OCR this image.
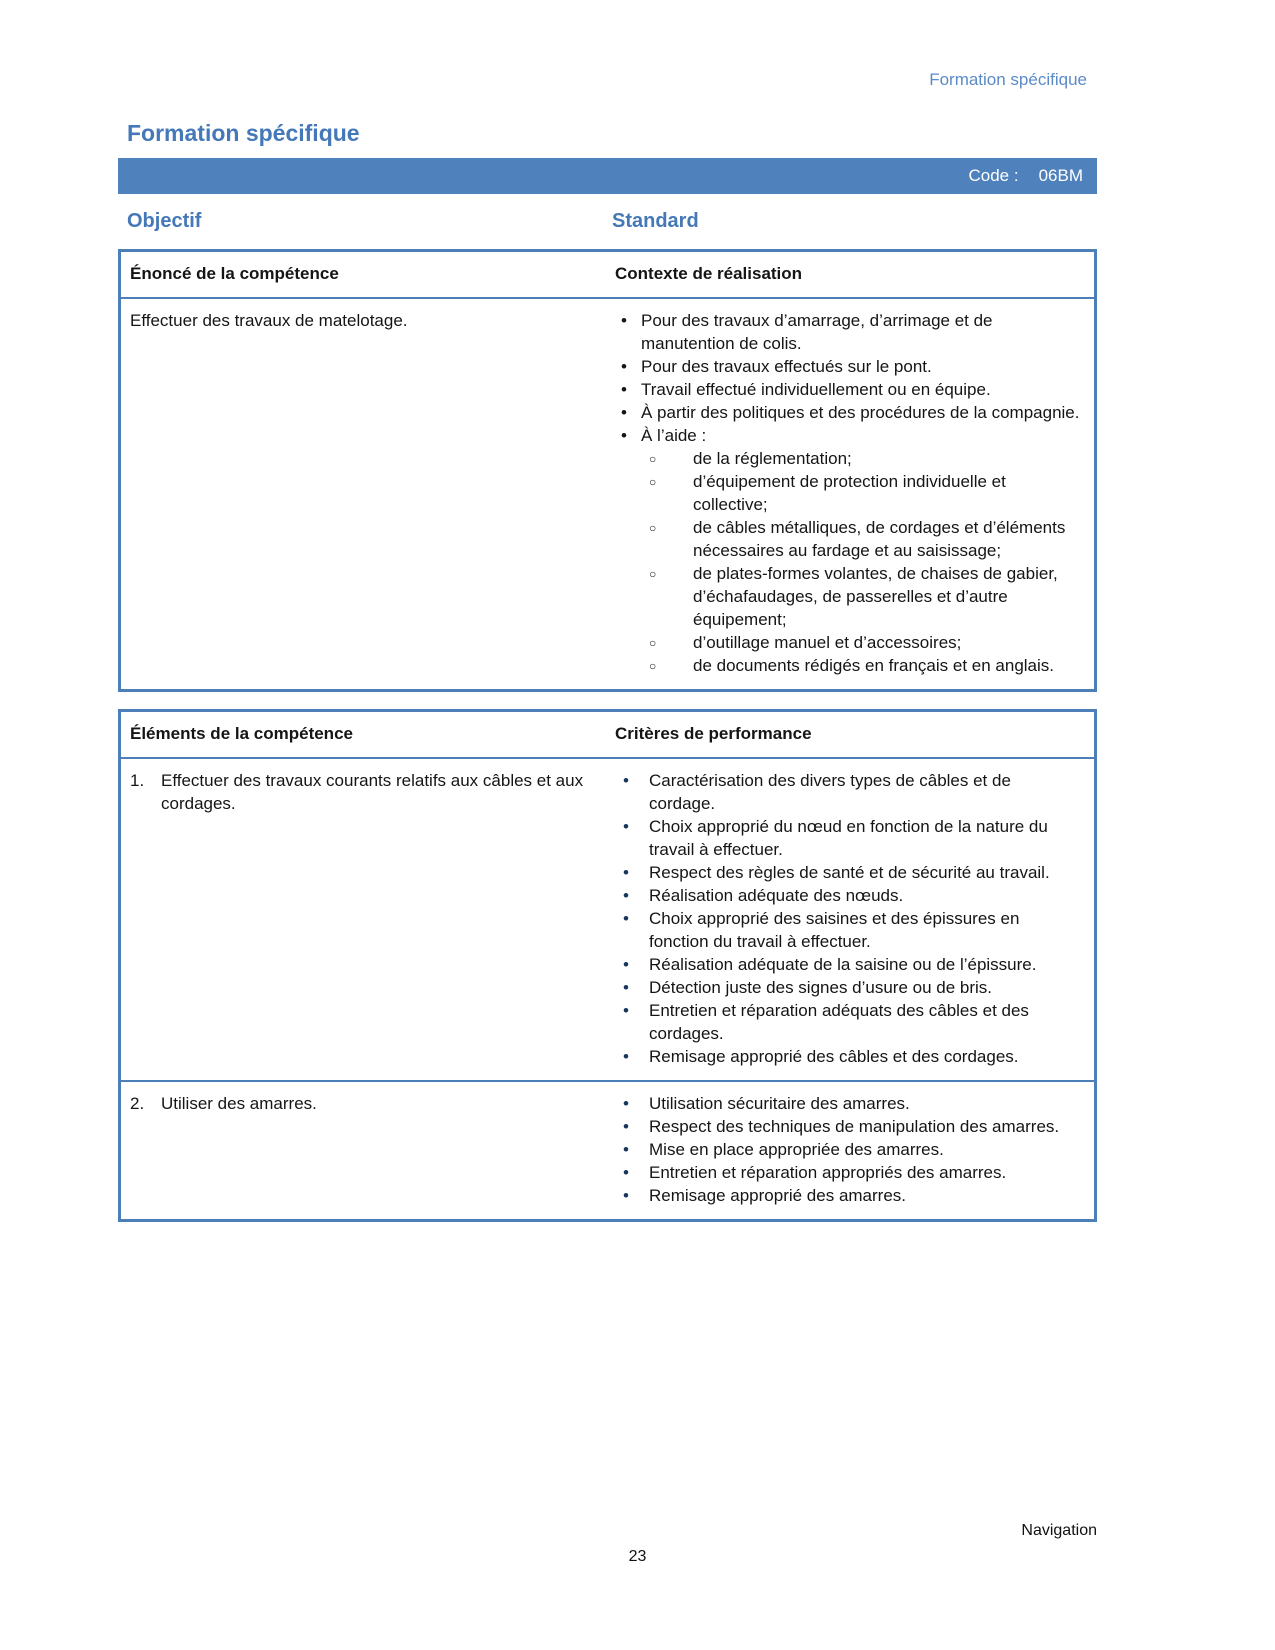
Formation spécifique
Formation spécifique
Code : 06BM
Objectif	Standard
Énoncé de la compétence	Contexte de réalisation
Effectuer des travaux de matelotage.	• Pour des travaux d’amarrage, d’arrimage et de manutention de colis.
• Pour des travaux effectués sur le pont.
• Travail effectué individuellement ou en équipe.
• À partir des politiques et des procédures de la compagnie.
• À l’aide :
○ de la réglementation;
○ d’équipement de protection individuelle et collective;
○ de câbles métalliques, de cordages et d’éléments nécessaires au fardage et au saisissage;
○ de plates-formes volantes, de chaises de gabier, d’échafaudages, de passerelles et d’autre équipement;
○ d’outillage manuel et d’accessoires;
○ de documents rédigés en français et en anglais.
Éléments de la compétence	Critères de performance
1. Effectuer des travaux courants relatifs aux câbles et aux cordages.
• Caractérisation des divers types de câbles et de cordage.
• Choix approprié du nœud en fonction de la nature du travail à effectuer.
• Respect des règles de santé et de sécurité au travail.
• Réalisation adéquate des nœuds.
• Choix approprié des saisines et des épissures en fonction du travail à effectuer.
• Réalisation adéquate de la saisine ou de l’épissure.
• Détection juste des signes d’usure ou de bris.
• Entretien et réparation adéquats des câbles et des cordages.
• Remisage approprié des câbles et des cordages.
2. Utiliser des amarres.	• Utilisation sécuritaire des amarres.
• Respect des techniques de manipulation des amarres.
• Mise en place appropriée des amarres.
• Entretien et réparation appropriés des amarres.
• Remisage approprié des amarres.
Navigation
23
